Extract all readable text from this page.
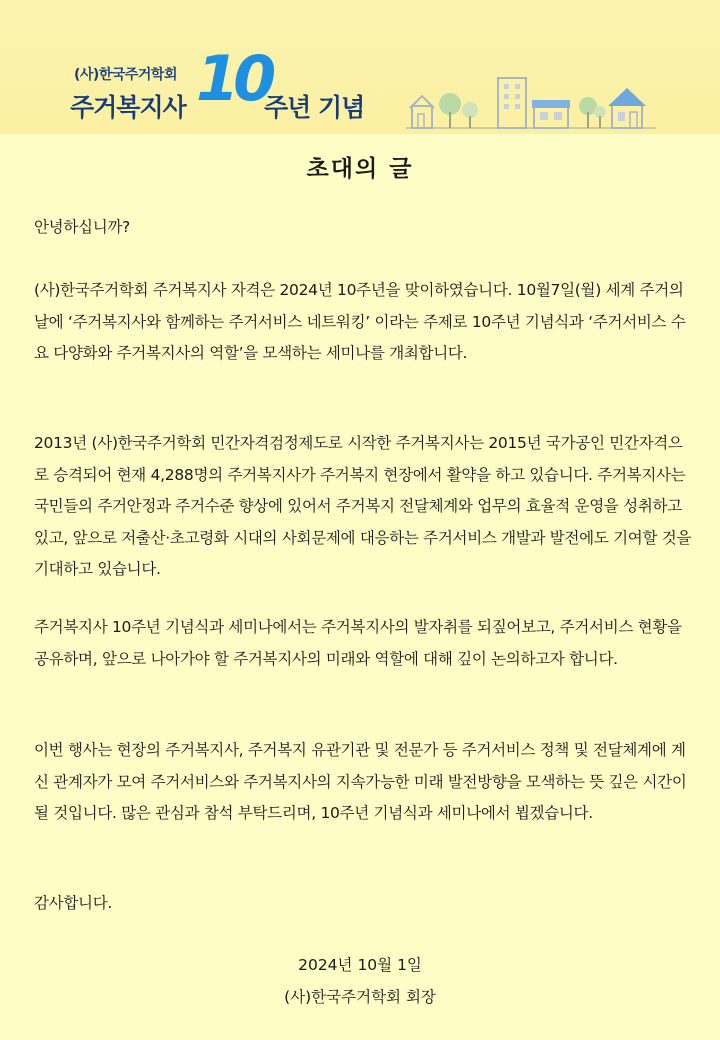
(사)한국주거학회
주거복지사 10
주년 기념
초대의 글
안녕하십니까?
(사)한국주거학회 주거복지사 자격은 2024년 10주년을 맞이하였습니다. 10월7일(월) 세계 주거의 날에 ‘주거복지사와 함께하는 주거서비스 네트워킹’ 이라는 주제로 10주년 기념식과 ‘주거서비스 수요 다양화와 주거복지사의 역할’을 모색하는 세미나를 개최합니다.
2013년 (사)한국주거학회 민간자격검정제도로 시작한 주거복지사는 2015년 국가공인 민간자격으로 승격되어 현재 4,288명의 주거복지사가 주거복지 현장에서 활약을 하고 있습니다. 주거복지사는 국민들의 주거안정과 주거수준 향상에 있어서 주거복지 전달체계와 업무의 효율적 운영을 성취하고 있고, 앞으로 저출산·초고령화 시대의 사회문제에 대응하는 주거서비스 개발과 발전에도 기여할 것을 기대하고 있습니다.
주거복지사 10주년 기념식과 세미나에서는 주거복지사의 발자취를 되짚어보고, 주거서비스 현황을 공유하며, 앞으로 나아가야 할 주거복지사의 미래와 역할에 대해 깊이 논의하고자 합니다.
이번 행사는 현장의 주거복지사, 주거복지 유관기관 및 전문가 등 주거서비스 정책 및 전달체계에 계신 관계자가 모여 주거서비스와 주거복지사의 지속가능한 미래 발전방향을 모색하는 뜻 깊은 시간이 될 것입니다. 많은 관심과 참석 부탁드리며, 10주년 기념식과 세미나에서 뵙겠습니다.
감사합니다.
2024년 10월 1일
(사)한국주거학회 회장
